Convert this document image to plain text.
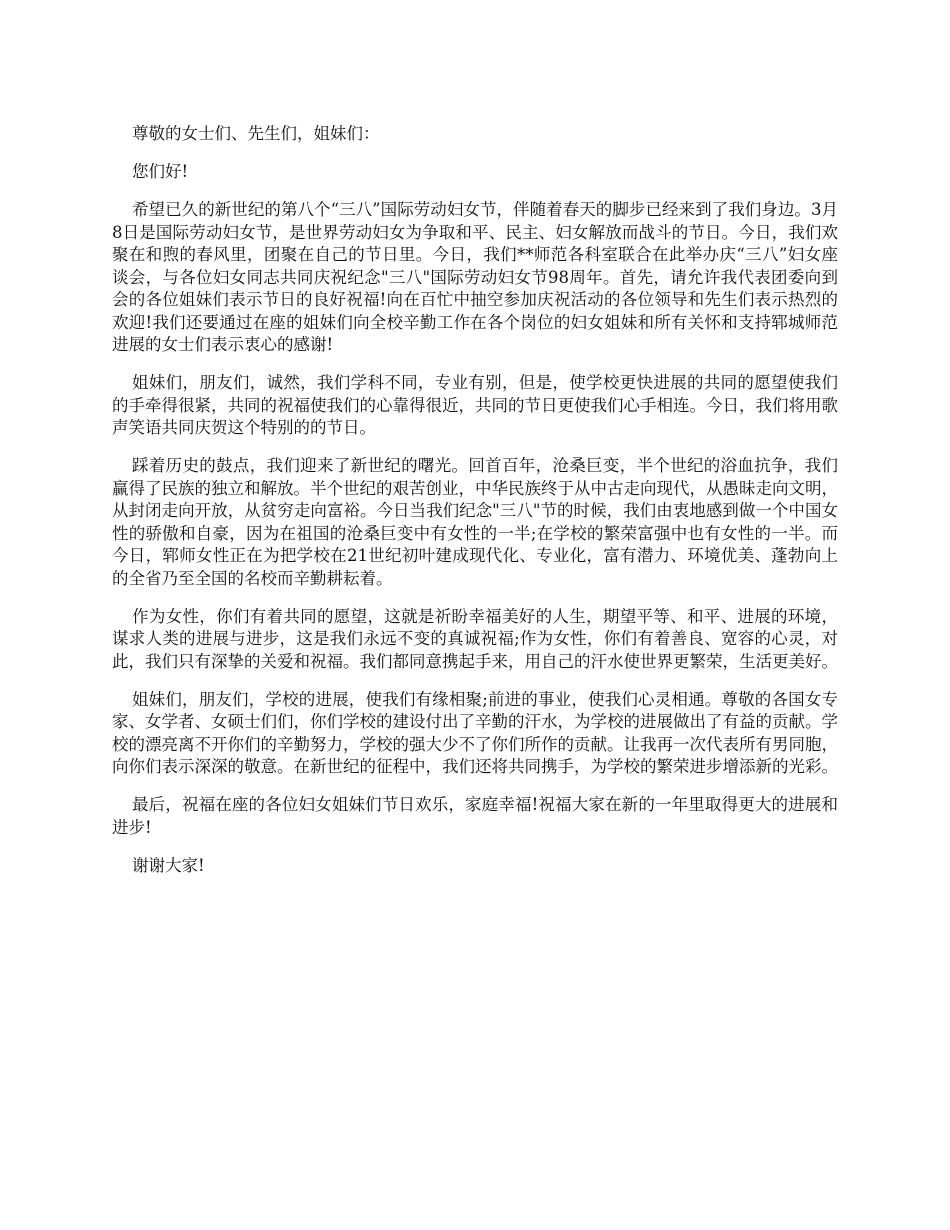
尊敬的女士们、先生们，姐妹们：

您们好!

希望已久的新世纪的第八个“三八”国际劳动妇女节，伴随着春天的脚步已经来到了我们身边。3月8日是国际劳动妇女节，是世界劳动妇女为争取和平、民主、妇女解放而战斗的节日。今日，我们欢聚在和煦的春风里，团聚在自己的节日里。今日，我们**师范各科室联合在此举办庆“三八”妇女座谈会，与各位妇女同志共同庆祝纪念"三八"国际劳动妇女节98周年。首先，请允许我代表团委向到会的各位姐妹们表示节日的良好祝福!向在百忙中抽空参加庆祝活动的各位领导和先生们表示热烈的欢迎!我们还要通过在座的姐妹们向全校辛勤工作在各个岗位的妇女姐妹和所有关怀和支持郓城师范进展的女士们表示衷心的感谢!

姐妹们，朋友们，诚然，我们学科不同，专业有别，但是，使学校更快进展的共同的愿望使我们的手牵得很紧，共同的祝福使我们的心靠得很近，共同的节日更使我们心手相连。今日，我们将用歌声笑语共同庆贺这个特别的的节日。

踩着历史的鼓点，我们迎来了新世纪的曙光。回首百年，沧桑巨变，半个世纪的浴血抗争，我们赢得了民族的独立和解放。半个世纪的艰苦创业，中华民族终于从中古走向现代，从愚昧走向文明，从封闭走向开放，从贫穷走向富裕。今日当我们纪念"三八"节的时候，我们由衷地感到做一个中国女性的骄傲和自豪，因为在祖国的沧桑巨变中有女性的一半;在学校的繁荣富强中也有女性的一半。而今日，郓师女性正在为把学校在21世纪初叶建成现代化、专业化，富有潜力、环境优美、蓬勃向上的全省乃至全国的名校而辛勤耕耘着。

作为女性，你们有着共同的愿望，这就是祈盼幸福美好的人生，期望平等、和平、进展的环境，谋求人类的进展与进步，这是我们永远不变的真诚祝福;作为女性，你们有着善良、宽容的心灵，对此，我们只有深挚的关爱和祝福。我们都同意携起手来，用自己的汗水使世界更繁荣，生活更美好。

姐妹们，朋友们，学校的进展，使我们有缘相聚;前进的事业，使我们心灵相通。尊敬的各国女专家、女学者、女硕士们们，你们学校的建设付出了辛勤的汗水，为学校的进展做出了有益的贡献。学校的漂亮离不开你们的辛勤努力，学校的强大少不了你们所作的贡献。让我再一次代表所有男同胞，向你们表示深深的敬意。在新世纪的征程中，我们还将共同携手，为学校的繁荣进步增添新的光彩。

最后，祝福在座的各位妇女姐妹们节日欢乐，家庭幸福!祝福大家在新的一年里取得更大的进展和进步!

谢谢大家!
